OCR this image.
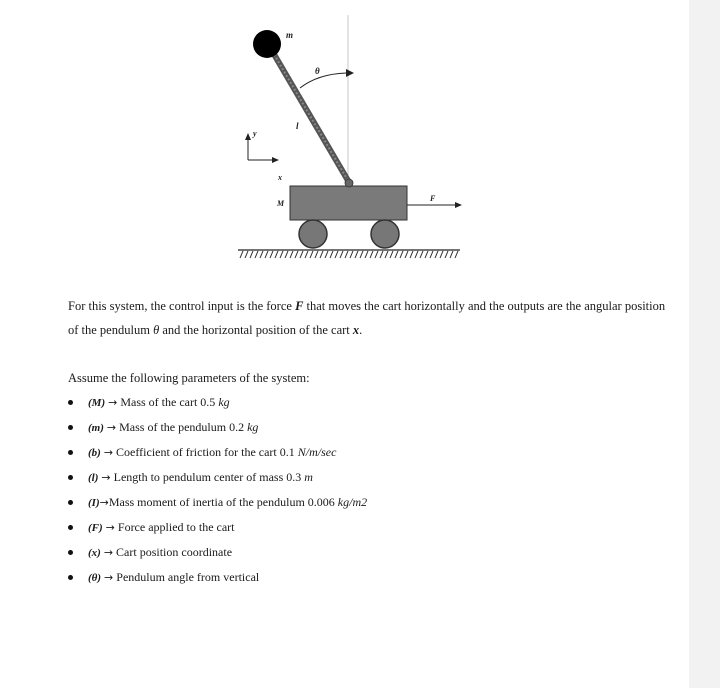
m
θ
l
y
x
M
F
For this system, the control input is the force F that moves the cart horizontally and the outputs are the angular position of the pendulum θ and the horizontal position of the cart x.
Assume the following parameters of the system:
(M) → Mass of the cart 0.5 kg
(m) → Mass of the pendulum 0.2 kg
(b) → Coefficient of friction for the cart 0.1 N/m/sec
(l) → Length to pendulum center of mass 0.3 m
(I)→Mass moment of inertia of the pendulum 0.006 kg/m2
(F) → Force applied to the cart
(x) → Cart position coordinate
(θ) → Pendulum angle from vertical
